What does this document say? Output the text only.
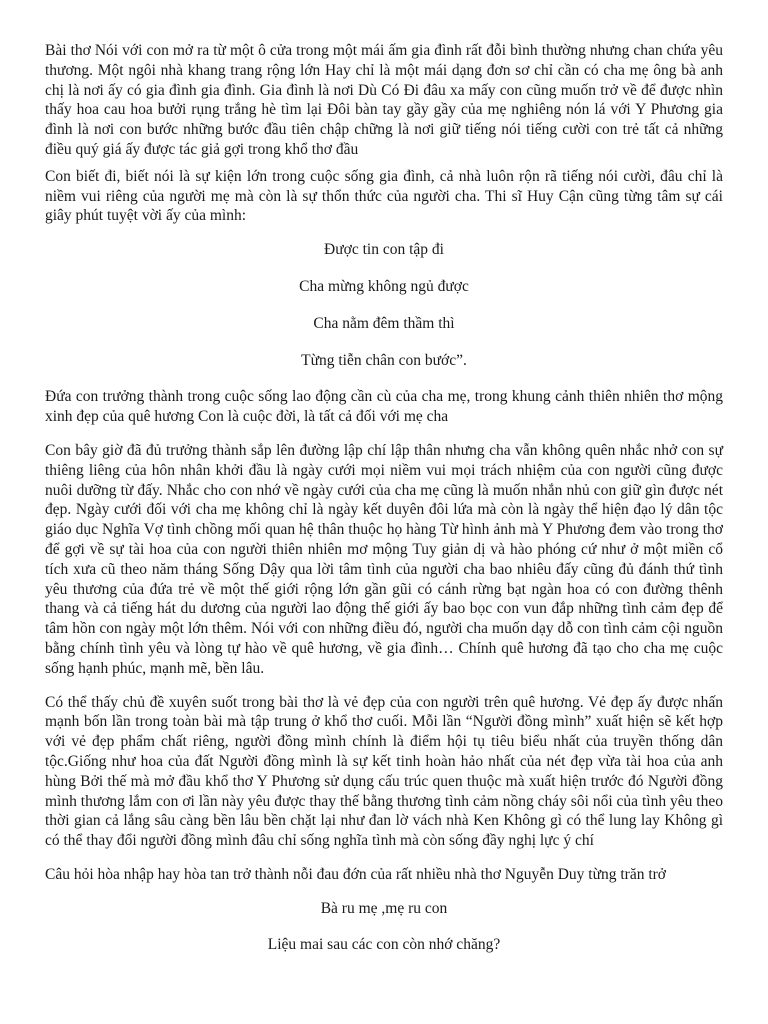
Bài thơ Nói với con mở ra từ một ô cửa trong một mái ấm gia đình rất đỗi bình thường nhưng chan chứa yêu thương. Một ngôi nhà khang trang rộng lớn Hay chỉ là một mái dạng đơn sơ chỉ cần có cha mẹ ông bà anh chị là nơi ấy có gia đình gia đình. Gia đình là nơi Dù Có Đi đâu xa mấy con cũng muốn trở về để được nhìn thấy hoa cau hoa bưởi rụng trắng hè tìm lại Đôi bàn tay gầy gầy của mẹ nghiêng nón lá với Y Phương gia đình là nơi con bước những bước đầu tiên chập chững là nơi giữ tiếng nói tiếng cười con trẻ tất cả những điều quý giá ấy được tác giả gợi trong khổ thơ đầu

Con biết đi, biết nói là sự kiện lớn trong cuộc sống gia đình, cả nhà luôn rộn rã tiếng nói cười, đâu chỉ là niềm vui riêng của người mẹ mà còn là sự thổn thức của người cha. Thi sĩ Huy Cận cũng từng tâm sự cái giây phút tuyệt vời ấy của mình:

Được tin con tập đi
Cha mừng không ngủ được
Cha nằm đêm thầm thì
Từng tiễn chân con bước”.

Đứa con trưởng thành trong cuộc sống lao động cần cù của cha mẹ, trong khung cảnh thiên nhiên thơ mộng xinh đẹp của quê hương Con là cuộc đời, là tất cả đối với mẹ cha

Con bây giờ đã đủ trưởng thành sắp lên đường lập chí lập thân nhưng cha vẫn không quên nhắc nhở con sự thiêng liêng của hôn nhân khởi đầu là ngày cưới mọi niềm vui mọi trách nhiệm của con người cũng được nuôi dưỡng từ đấy. Nhắc cho con nhớ về ngày cưới của cha mẹ cũng là muốn nhắn nhủ con giữ gìn được nét đẹp. Ngày cưới đối với cha mẹ không chỉ là ngày kết duyên đôi lứa mà còn là ngày thể hiện đạo lý dân tộc giáo dục Nghĩa Vợ tình chồng mối quan hệ thân thuộc họ hàng Từ hình ảnh mà Y Phương đem vào trong thơ để gợi về sự tài hoa của con người thiên nhiên mơ mộng Tuy giản dị và hào phóng cứ như ở một miền cổ tích xưa cũ theo năm tháng Sống Dậy qua lời tâm tình của người cha bao nhiêu đấy cũng đủ đánh thứ tình yêu thương của đứa trẻ về một thế giới rộng lớn gần gũi có cánh rừng bạt ngàn hoa có con đường thênh thang và cả tiếng hát du dương của người lao động thế giới ấy bao bọc con vun đắp những tình cảm đẹp để tâm hồn con ngày một lớn thêm. Nói với con những điều đó, người cha muốn dạy dỗ con tình cảm cội nguồn bằng chính tình yêu và lòng tự hào về quê hương, về gia đình… Chính quê hương đã tạo cho cha mẹ cuộc sống hạnh phúc, mạnh mẽ, bền lâu.

Có thể thấy chủ đề xuyên suốt trong bài thơ là vẻ đẹp của con người trên quê hương. Vẻ đẹp ấy được nhấn mạnh bốn lần trong toàn bài mà tập trung ở khổ thơ cuối. Mỗi lần “Người đồng mình” xuất hiện sẽ kết hợp với vẻ đẹp phẩm chất riêng, người đồng mình chính là điểm hội tụ tiêu biểu nhất của truyền thống dân tộc.Giống như hoa của đất Người đồng mình là sự kết tinh hoàn hảo nhất của nét đẹp vừa tài hoa của anh hùng Bởi thế mà mở đầu khổ thơ Y Phương sử dụng cấu trúc quen thuộc mà xuất hiện trước đó Người đồng mình thương lắm con ơi lần này yêu được thay thế bằng thương tình cảm nồng cháy sôi nổi của tình yêu theo thời gian cả lắng sâu càng bền lâu bền chặt lại như đan lờ vách nhà Ken Không gì có thể lung lay Không gì có thể thay đổi người đồng mình đâu chỉ sống nghĩa tình mà còn sống đầy nghị lực ý chí

Câu hỏi hòa nhập hay hòa tan trở thành nỗi đau đớn của rất nhiều nhà thơ Nguyễn Duy từng trăn trở

Bà ru mẹ ,mẹ ru con
Liệu mai sau các con còn nhớ chăng?
